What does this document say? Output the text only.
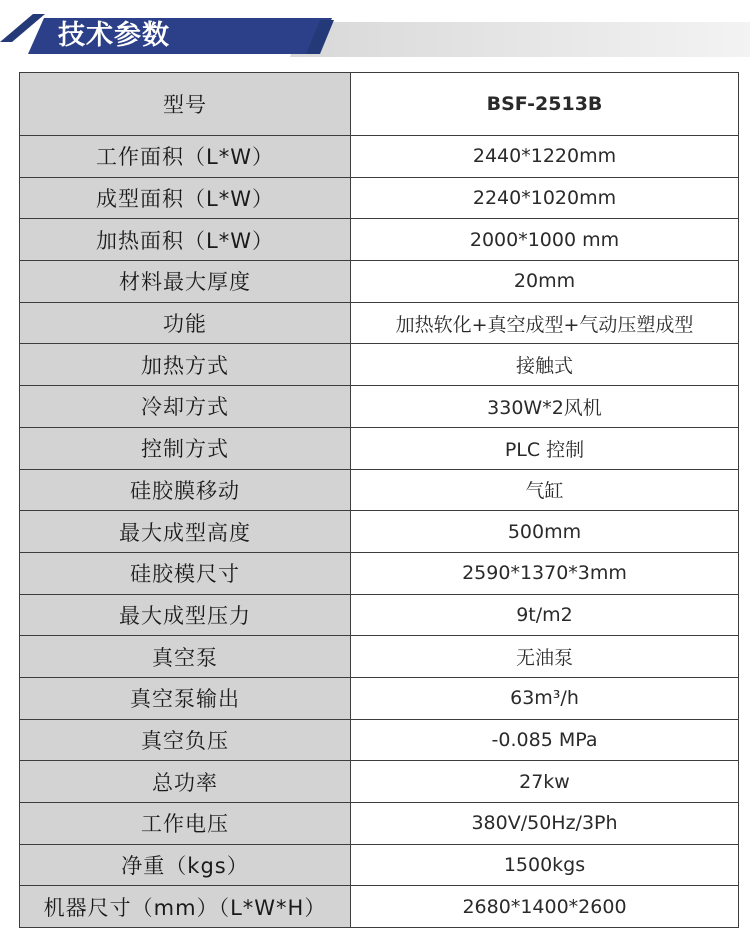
技术参数
型号	BSF-2513B
工作面积（L*W）	2440*1220mm
成型面积（L*W）	2240*1020mm
加热面积（L*W）	2000*1000 mm
材料最大厚度	20mm
功能	加热软化+真空成型+气动压塑成型
加热方式	接触式
冷却方式	330W*2风机
控制方式	PLC 控制
硅胶膜移动	气缸
最大成型高度	500mm
硅胶模尺寸	2590*1370*3mm
最大成型压力	9t/m2
真空泵	无油泵
真空泵输出	63m³/h
真空负压	-0.085 MPa
总功率	27kw
工作电压	380V/50Hz/3Ph
净重（kgs）	1500kgs
机器尺寸（mm）（L*W*H）	2680*1400*2600
